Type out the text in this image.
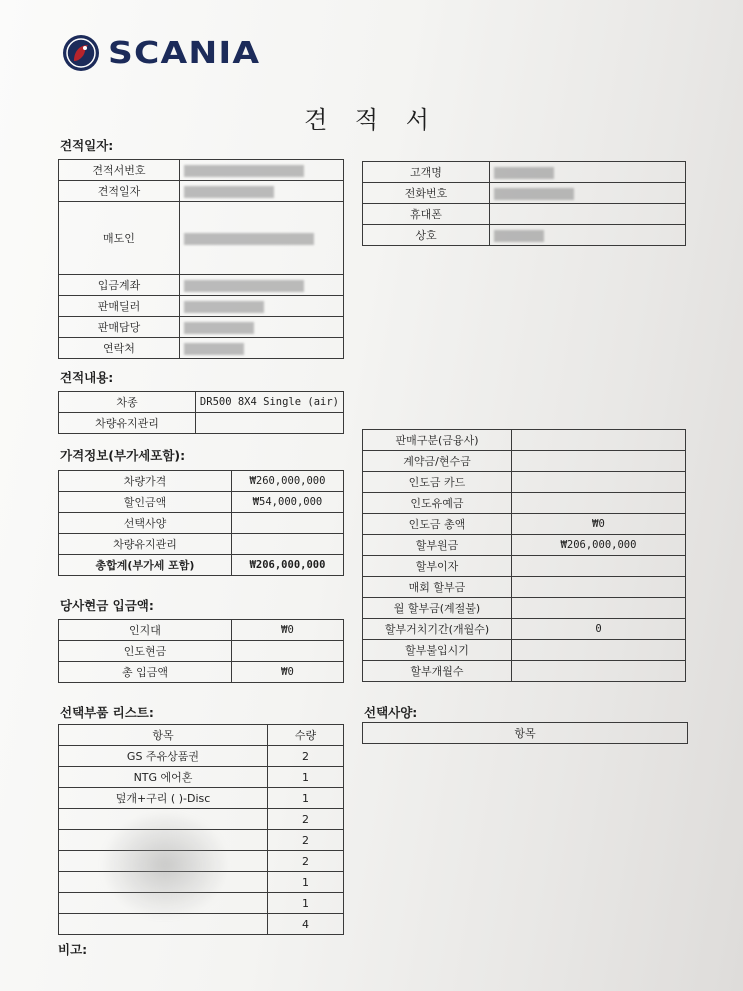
SCANIA
견 적 서
견적일자:
견적내용:
가격정보(부가세포함):
당사현금 입금액:
선택부품 리스트:	선택사양:
비고:
견적서번호	
견적일자	
매도인	
입금계좌	
판매딜러	
판매담당	
연락처	
고객명	
전화번호	
휴대폰	
상호	
차종	DR500 8X4 Single (air)
차량유지관리	
차량가격	₩260,000,000
할인금액	₩54,000,000
선택사양	
차량유지관리	
총합계(부가세 포함)	₩206,000,000
판매구분(금융사)	
계약금/현수금	
인도금 카드	
인도유예금	
인도금 총액	₩0
할부원금	₩206,000,000
할부이자	
매회 할부금	
월 할부금(계절불)	
할부거치기간(개월수)	0
할부불입시기	
할부개월수	
인지대	₩0
인도현금	
총 입금액	₩0
항목	수량
GS 주유상품권	2
NTG 에어혼	1
덮개+구리 ( )-Disc	1
	2
	2
	2
	1
	1
	4
항목
